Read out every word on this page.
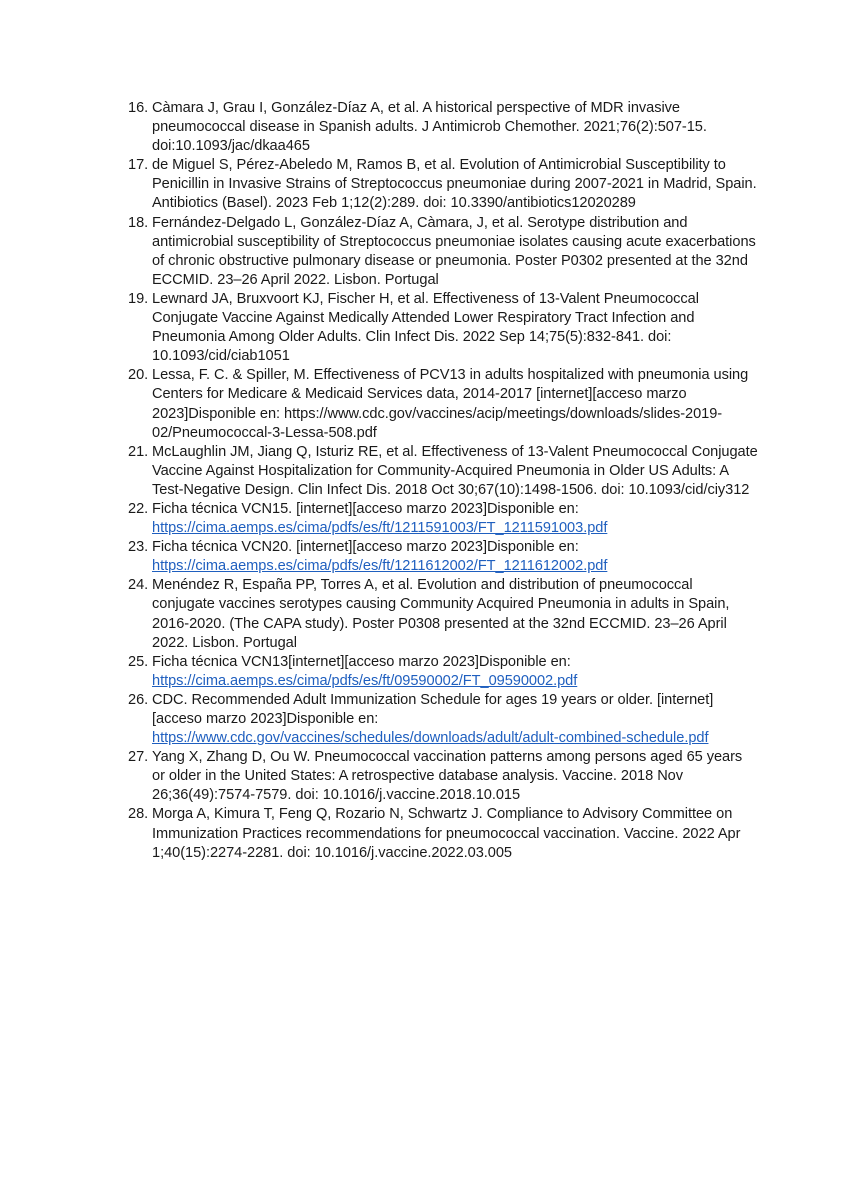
16. Càmara J, Grau I, González-Díaz A, et al. A historical perspective of MDR invasive pneumococcal disease in Spanish adults. J Antimicrob Chemother. 2021;76(2):507-15. doi:10.1093/jac/dkaa465
17. de Miguel S, Pérez-Abeledo M, Ramos B, et al. Evolution of Antimicrobial Susceptibility to Penicillin in Invasive Strains of Streptococcus pneumoniae during 2007-2021 in Madrid, Spain. Antibiotics (Basel). 2023 Feb 1;12(2):289. doi: 10.3390/antibiotics12020289
18. Fernández-Delgado L, González-Díaz A, Càmara, J, et al. Serotype distribution and antimicrobial susceptibility of Streptococcus pneumoniae isolates causing acute exacerbations of chronic obstructive pulmonary disease or pneumonia. Poster P0302 presented at the 32nd ECCMID. 23–26 April 2022. Lisbon. Portugal
19. Lewnard JA, Bruxvoort KJ, Fischer H, et al. Effectiveness of 13-Valent Pneumococcal Conjugate Vaccine Against Medically Attended Lower Respiratory Tract Infection and Pneumonia Among Older Adults. Clin Infect Dis. 2022 Sep 14;75(5):832-841. doi: 10.1093/cid/ciab1051
20. Lessa, F. C. & Spiller, M. Effectiveness of PCV13 in adults hospitalized with pneumonia using Centers for Medicare & Medicaid Services data, 2014-2017 [internet][acceso marzo 2023]Disponible en: https://www.cdc.gov/vaccines/acip/meetings/downloads/slides-2019-02/Pneumococcal-3-Lessa-508.pdf
21. McLaughlin JM, Jiang Q, Isturiz RE, et al. Effectiveness of 13-Valent Pneumococcal Conjugate Vaccine Against Hospitalization for Community-Acquired Pneumonia in Older US Adults: A Test-Negative Design. Clin Infect Dis. 2018 Oct 30;67(10):1498-1506. doi: 10.1093/cid/ciy312
22. Ficha técnica VCN15. [internet][acceso marzo 2023]Disponible en:
https://cima.aemps.es/cima/pdfs/es/ft/1211591003/FT_1211591003.pdf
23. Ficha técnica VCN20. [internet][acceso marzo 2023]Disponible en:
https://cima.aemps.es/cima/pdfs/es/ft/1211612002/FT_1211612002.pdf
24. Menéndez R, España PP, Torres A, et al. Evolution and distribution of pneumococcal conjugate vaccines serotypes causing Community Acquired Pneumonia in adults in Spain, 2016-2020. (The CAPA study). Poster P0308 presented at the 32nd ECCMID. 23–26 April 2022. Lisbon. Portugal
25. Ficha técnica VCN13[internet][acceso marzo 2023]Disponible en:
https://cima.aemps.es/cima/pdfs/es/ft/09590002/FT_09590002.pdf
26. CDC. Recommended Adult Immunization Schedule for ages 19 years or older. [internet][acceso marzo 2023]Disponible en:
https://www.cdc.gov/vaccines/schedules/downloads/adult/adult-combined-schedule.pdf
27. Yang X, Zhang D, Ou W. Pneumococcal vaccination patterns among persons aged 65 years or older in the United States: A retrospective database analysis. Vaccine. 2018 Nov 26;36(49):7574-7579. doi: 10.1016/j.vaccine.2018.10.015
28. Morga A, Kimura T, Feng Q, Rozario N, Schwartz J. Compliance to Advisory Committee on Immunization Practices recommendations for pneumococcal vaccination. Vaccine. 2022 Apr 1;40(15):2274-2281. doi: 10.1016/j.vaccine.2022.03.005
